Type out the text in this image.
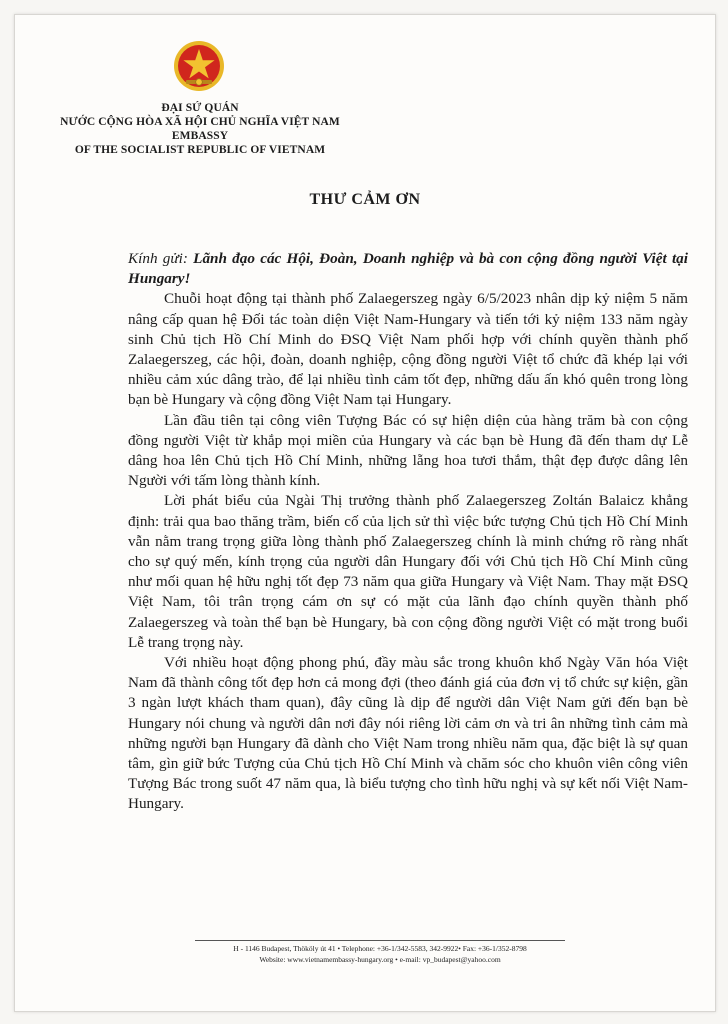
ĐẠI SỨ QUÁN
NƯỚC CỘNG HÒA XÃ HỘI CHỦ NGHĨA VIỆT NAM
EMBASSY
OF THE SOCIALIST REPUBLIC OF VIETNAM
THƯ CẢM ƠN

Kính gửi: Lãnh đạo các Hội, Đoàn, Doanh nghiệp và bà con cộng đồng người Việt tại Hungary!

Chuỗi hoạt động tại thành phố Zalaegerszeg ngày 6/5/2023 nhân dịp kỷ niệm 5 năm nâng cấp quan hệ Đối tác toàn diện Việt Nam-Hungary và tiến tới kỷ niệm 133 năm ngày sinh Chủ tịch Hồ Chí Minh do ĐSQ Việt Nam phối hợp với chính quyền thành phố Zalaegerszeg, các hội, đoàn, doanh nghiệp, cộng đồng người Việt tổ chức đã khép lại với nhiều cảm xúc dâng trào, để lại nhiều tình cảm tốt đẹp, những dấu ấn khó quên trong lòng bạn bè Hungary và cộng đồng Việt Nam tại Hungary.

Lần đầu tiên tại công viên Tượng Bác có sự hiện diện của hàng trăm bà con cộng đồng người Việt từ khắp mọi miền của Hungary và các bạn bè Hung đã đến tham dự Lễ dâng hoa lên Chủ tịch Hồ Chí Minh, những lẵng hoa tươi thắm, thật đẹp được dâng lên Người với tấm lòng thành kính.

Lời phát biểu của Ngài Thị trưởng thành phố Zalaegerszeg Zoltán Balaicz khẳng định: trải qua bao thăng trầm, biến cố của lịch sử thì việc bức tượng Chủ tịch Hồ Chí Minh vẫn nằm trang trọng giữa lòng thành phố Zalaegerszeg chính là minh chứng rõ ràng nhất cho sự quý mến, kính trọng của người dân Hungary đối với Chủ tịch Hồ Chí Minh cũng như mối quan hệ hữu nghị tốt đẹp 73 năm qua giữa Hungary và Việt Nam. Thay mặt ĐSQ Việt Nam, tôi trân trọng cám ơn sự có mặt của lãnh đạo chính quyền thành phố Zalaegerszeg và toàn thể bạn bè Hungary, bà con cộng đồng người Việt có mặt trong buổi Lễ trang trọng này.

Với nhiều hoạt động phong phú, đầy màu sắc trong khuôn khổ Ngày Văn hóa Việt Nam đã thành công tốt đẹp hơn cả mong đợi (theo đánh giá của đơn vị tổ chức sự kiện, gần 3 ngàn lượt khách tham quan), đây cũng là dịp để người dân Việt Nam gửi đến bạn bè Hungary nói chung và người dân nơi đây nói riêng lời cảm ơn và tri ân những tình cảm mà những người bạn Hungary đã dành cho Việt Nam trong nhiều năm qua, đặc biệt là sự quan tâm, gìn giữ bức Tượng của Chủ tịch Hồ Chí Minh và chăm sóc cho khuôn viên công viên Tượng Bác trong suốt 47 năm qua, là biểu tượng cho tình hữu nghị và sự kết nối Việt Nam-Hungary.

H - 1146 Budapest, Thököly út 41 • Telephone: +36-1/342-5583, 342-9922• Fax: +36-1/352-8798
Website: www.vietnamembassy-hungary.org • e-mail: vp_budapest@yahoo.com
